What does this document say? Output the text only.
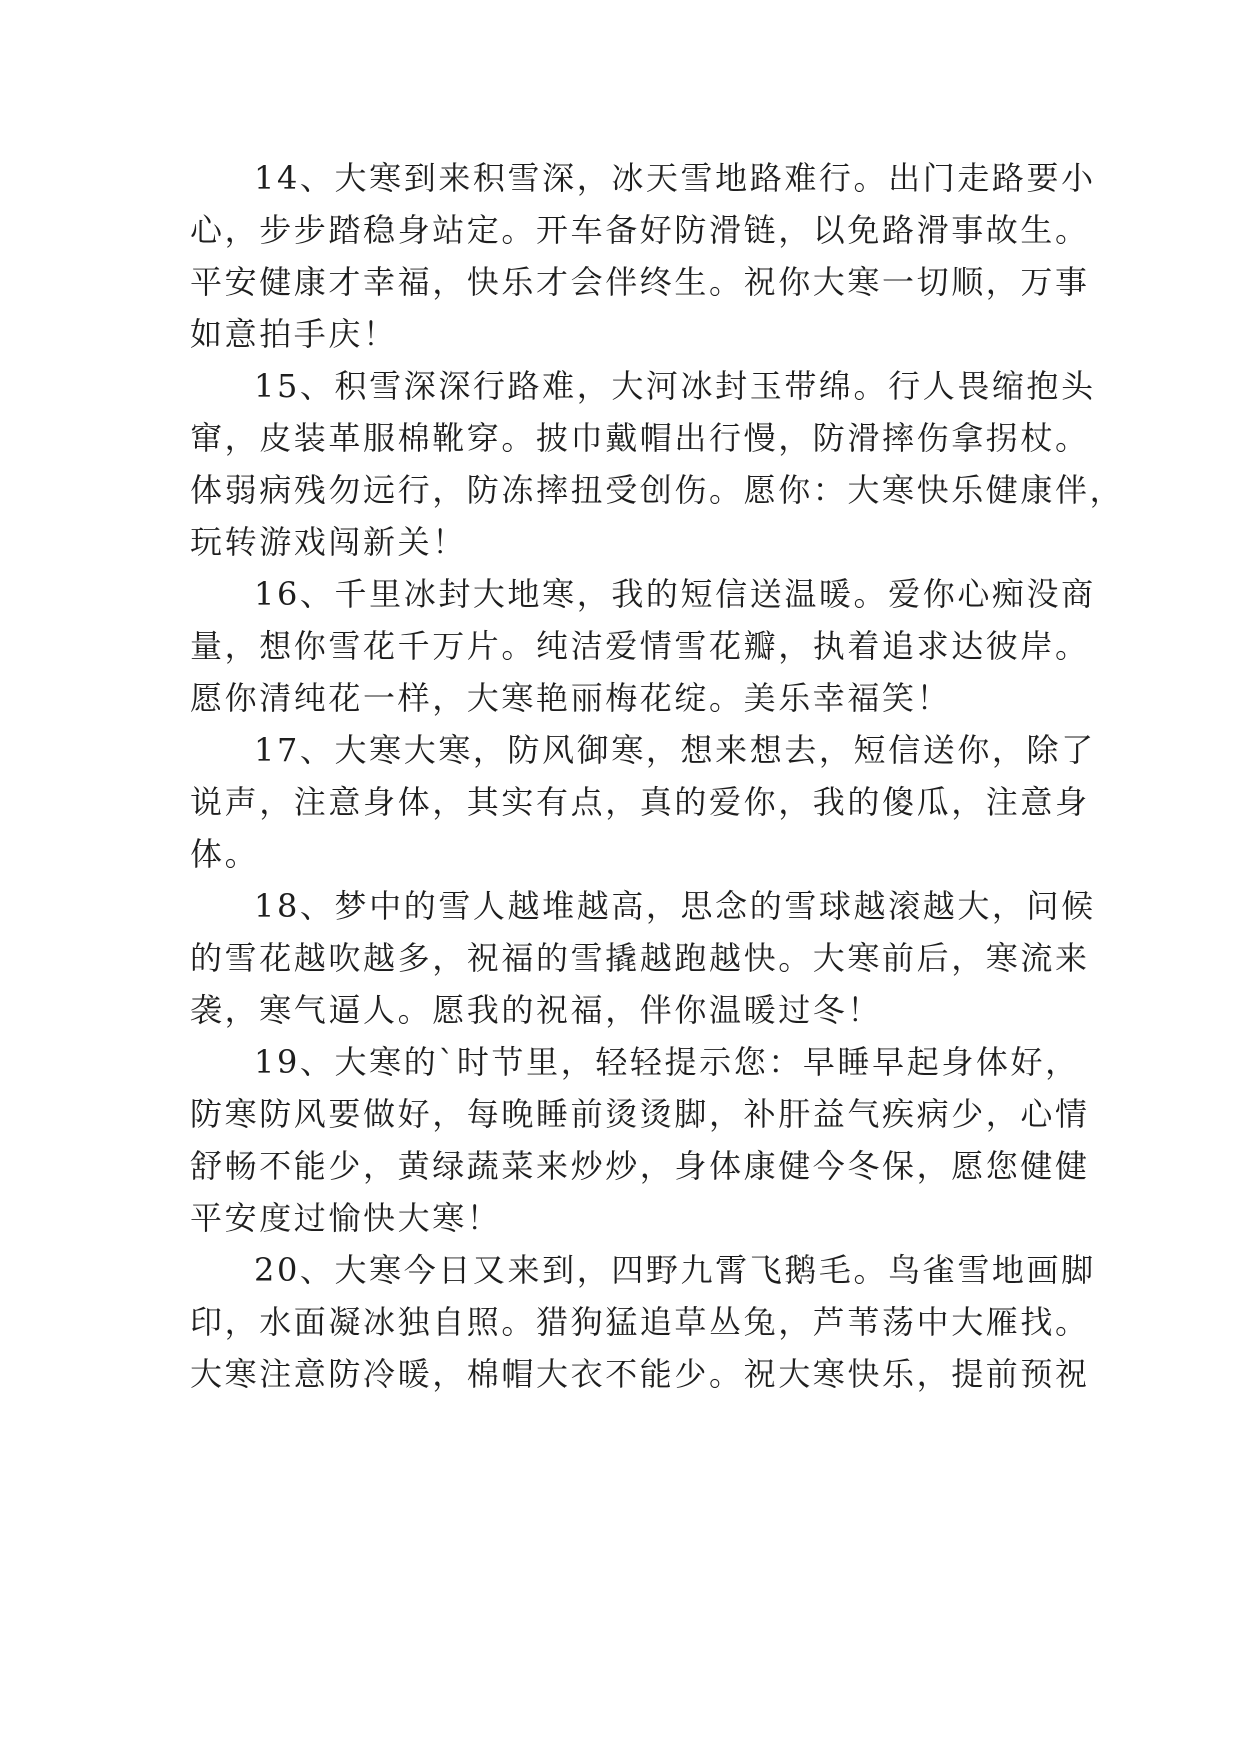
14、大寒到来积雪深，冰天雪地路难行。出门走路要小
心，步步踏稳身站定。开车备好防滑链，以免路滑事故生。
平安健康才幸福，快乐才会伴终生。祝你大寒一切顺，万事
如意拍手庆！
15、积雪深深行路难，大河冰封玉带绵。行人畏缩抱头
窜，皮装革服棉靴穿。披巾戴帽出行慢，防滑摔伤拿拐杖。
体弱病残勿远行，防冻摔扭受创伤。愿你：大寒快乐健康伴，
玩转游戏闯新关！
16、千里冰封大地寒，我的短信送温暖。爱你心痴没商
量，想你雪花千万片。纯洁爱情雪花瓣，执着追求达彼岸。
愿你清纯花一样，大寒艳丽梅花绽。美乐幸福笑！
17、大寒大寒，防风御寒，想来想去，短信送你，除了
说声，注意身体，其实有点，真的爱你，我的傻瓜，注意身
体。
18、梦中的雪人越堆越高，思念的雪球越滚越大，问候
的雪花越吹越多，祝福的雪撬越跑越快。大寒前后，寒流来
袭，寒气逼人。愿我的祝福，伴你温暖过冬！
19、大寒的`时节里，轻轻提示您：早睡早起身体好，
防寒防风要做好，每晚睡前烫烫脚，补肝益气疾病少，心情
舒畅不能少，黄绿蔬菜来炒炒，身体康健今冬保，愿您健健
平安度过愉快大寒！
20、大寒今日又来到，四野九霄飞鹅毛。鸟雀雪地画脚
印，水面凝冰独自照。猎狗猛追草丛兔，芦苇荡中大雁找。
大寒注意防冷暖，棉帽大衣不能少。祝大寒快乐，提前预祝
